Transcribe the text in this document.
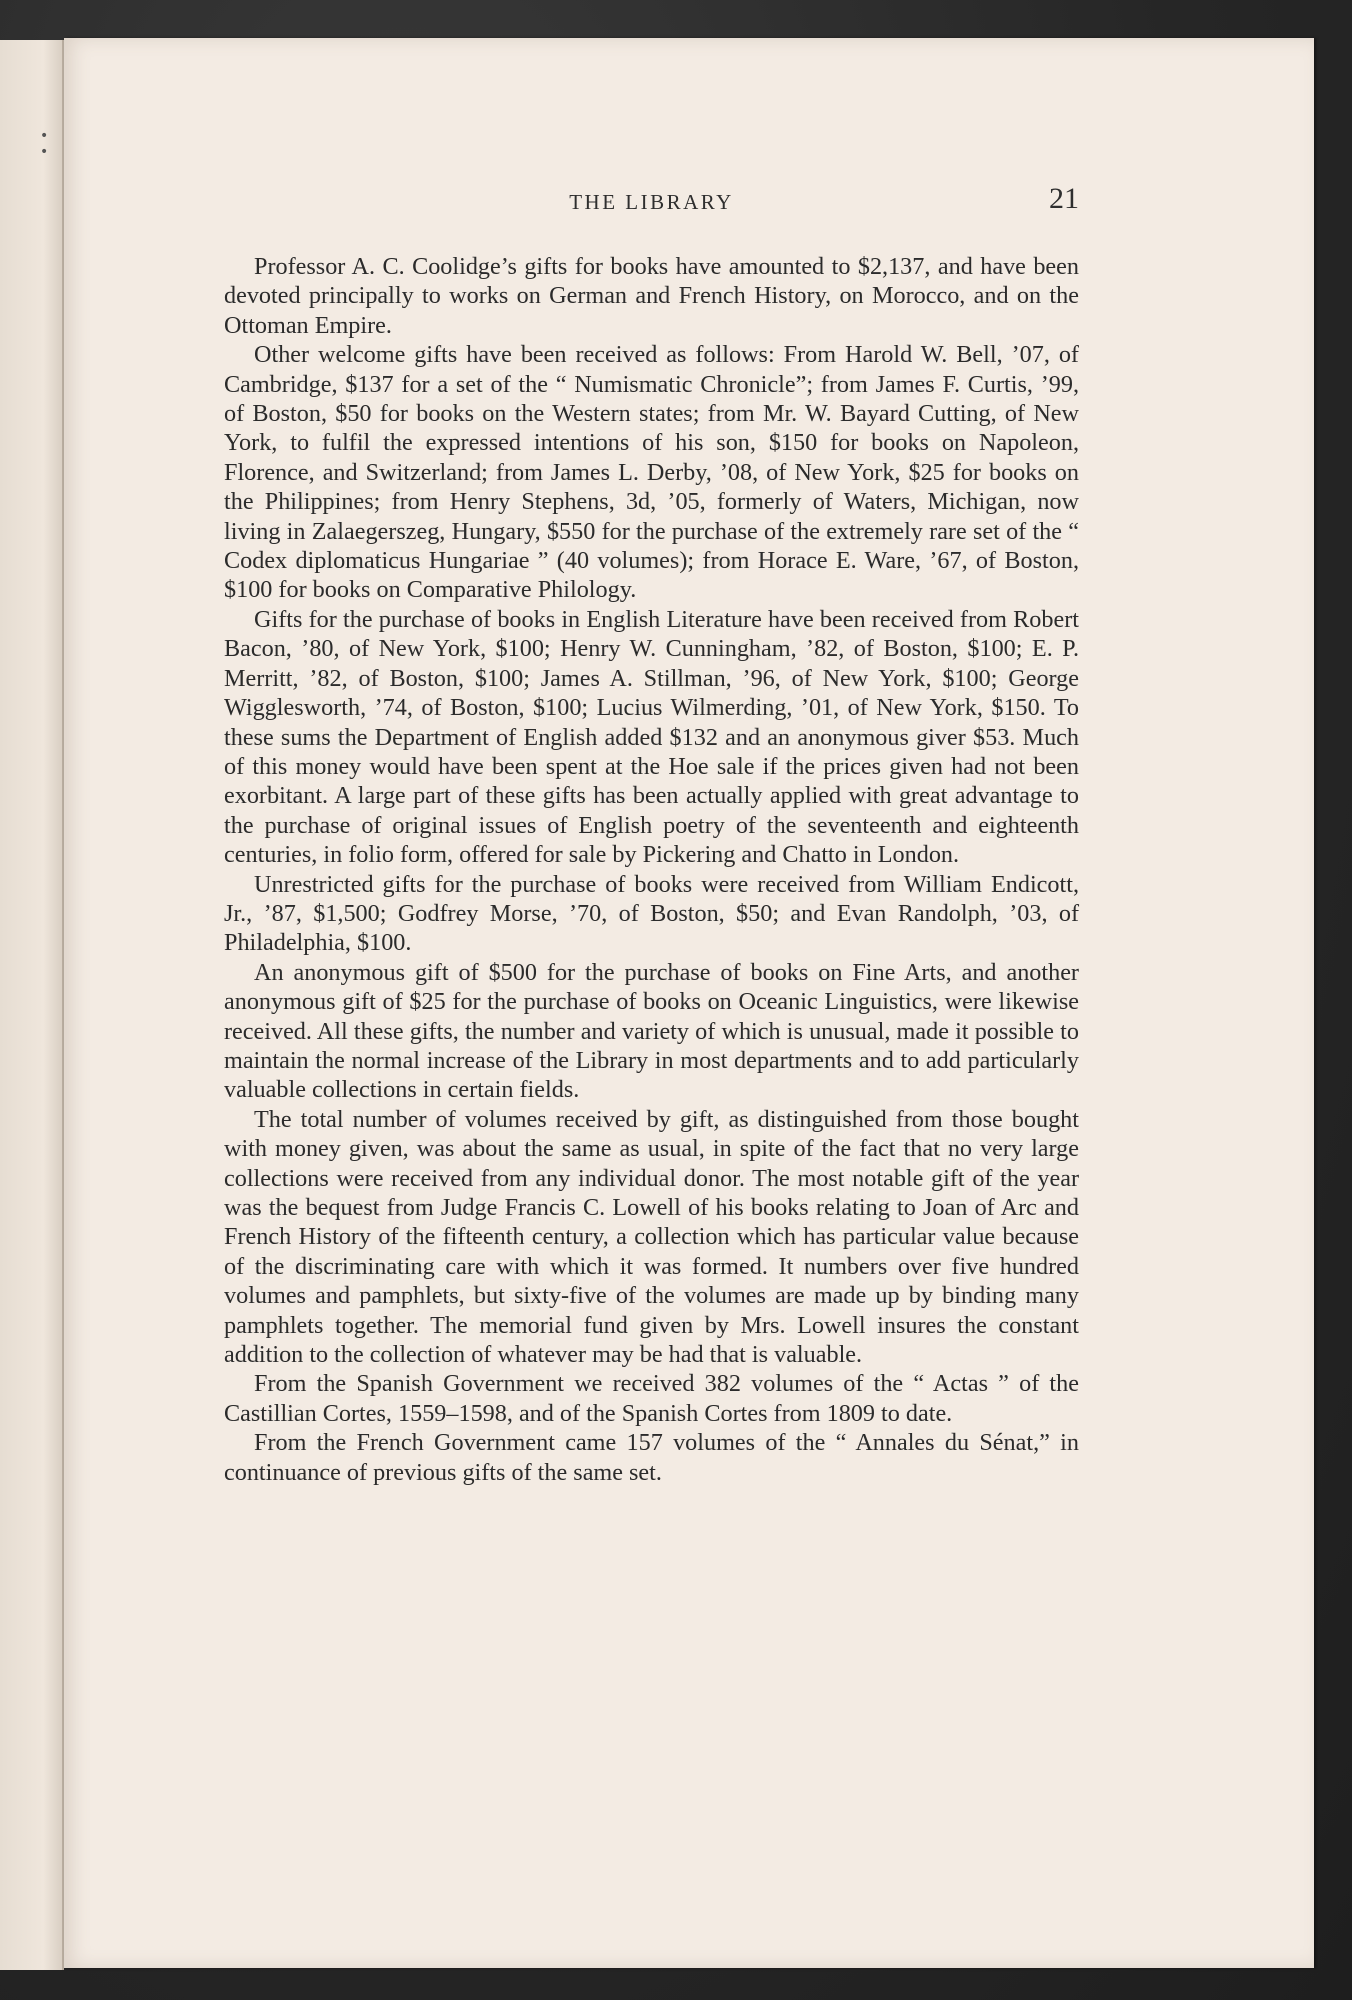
• •
THE LIBRARY	21

Professor A. C. Coolidge’s gifts for books have amounted to $2,137, and have been devoted principally to works on German and French History, on Morocco, and on the Ottoman Empire.

Other welcome gifts have been received as follows: From Harold W. Bell, ’07, of Cambridge, $137 for a set of the “ Numismatic Chronicle”; from James F. Curtis, ’99, of Boston, $50 for books on the Western states; from Mr. W. Bayard Cutting, of New York, to fulfil the expressed intentions of his son, $150 for books on Napoleon, Florence, and Switzerland; from James L. Derby, ’08, of New York, $25 for books on the Philippines; from Henry Stephens, 3d, ’05, formerly of Waters, Michigan, now living in Zalaegerszeg, Hungary, $550 for the purchase of the extremely rare set of the “ Codex diplomaticus Hungariae ” (40 volumes); from Horace E. Ware, ’67, of Boston, $100 for books on Comparative Philology.

Gifts for the purchase of books in English Literature have been received from Robert Bacon, ’80, of New York, $100; Henry W. Cunningham, ’82, of Boston, $100; E. P. Merritt, ’82, of Boston, $100; James A. Stillman, ’96, of New York, $100; George Wigglesworth, ’74, of Boston, $100; Lucius Wilmerding, ’01, of New York, $150. To these sums the Department of English added $132 and an anonymous giver $53. Much of this money would have been spent at the Hoe sale if the prices given had not been exorbitant. A large part of these gifts has been actually applied with great advantage to the purchase of original issues of English poetry of the seventeenth and eighteenth centuries, in folio form, offered for sale by Pickering and Chatto in London.

Unrestricted gifts for the purchase of books were received from William Endicott, Jr., ’87, $1,500; Godfrey Morse, ’70, of Boston, $50; and Evan Randolph, ’03, of Philadelphia, $100.

An anonymous gift of $500 for the purchase of books on Fine Arts, and another anonymous gift of $25 for the purchase of books on Oceanic Linguistics, were likewise received. All these gifts, the number and variety of which is unusual, made it possible to maintain the normal increase of the Library in most departments and to add particularly valuable collections in certain fields.

The total number of volumes received by gift, as distinguished from those bought with money given, was about the same as usual, in spite of the fact that no very large collections were received from any individual donor. The most notable gift of the year was the bequest from Judge Francis C. Lowell of his books relating to Joan of Arc and French History of the fifteenth century, a collection which has particular value because of the discriminating care with which it was formed. It numbers over five hundred volumes and pamphlets, but sixty-five of the volumes are made up by binding many pamphlets together. The memorial fund given by Mrs. Lowell insures the constant addition to the collection of whatever may be had that is valuable.

From the Spanish Government we received 382 volumes of the “ Actas ” of the Castillian Cortes, 1559–1598, and of the Spanish Cortes from 1809 to date.

From the French Government came 157 volumes of the “ Annales du Sénat,” in continuance of previous gifts of the same set.
